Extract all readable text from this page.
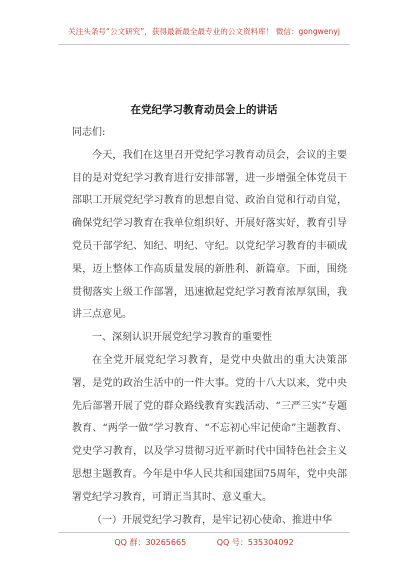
关注头条号“公文研究”，获得最新最全最专业的公文资料库！ 微信：gongwenyj
在党纪学习教育动员会上的讲话

同志们:

今天，我们在这里召开党纪学习教育动员会，会议的主要目的是对党纪学习教育进行安排部署，进一步增强全体党员干部职工开展党纪学习教育的思想自觉、政治自觉和行动自觉，确保党纪学习教育在我单位组织好、开展好落实好，教育引导党员干部学纪、知纪、明纪、守纪。以党纪学习教育的丰硕成果，迈上整体工作高质量发展的新胜利、新篇章。下面，围绕贯彻落实上级工作部署，迅速掀起党纪学习教育浓厚氛围，我讲三点意见。

一、深刻认识开展党纪学习教育的重要性

在全党开展党纪学习教育，是党中央做出的重大决策部署，是党的政治生活中的一件大事。党的十八大以来，党中央先后部署开展了党的群众路线教育实践活动、“三严三实”专题教育、“两学一做”学习教育、“不忘初心牢记使命”主题教育、党史学习教育，以及学习贯彻习近平新时代中国特色社会主义思想主题教育。今年是中华人民共和国建国75周年，党中央部署党纪学习教育，可谓正当其时、意义重大。

（一）开展党纪学习教育，是牢记初心使命、推进中华

QQ 群：30265665	QQ 号：535304092
